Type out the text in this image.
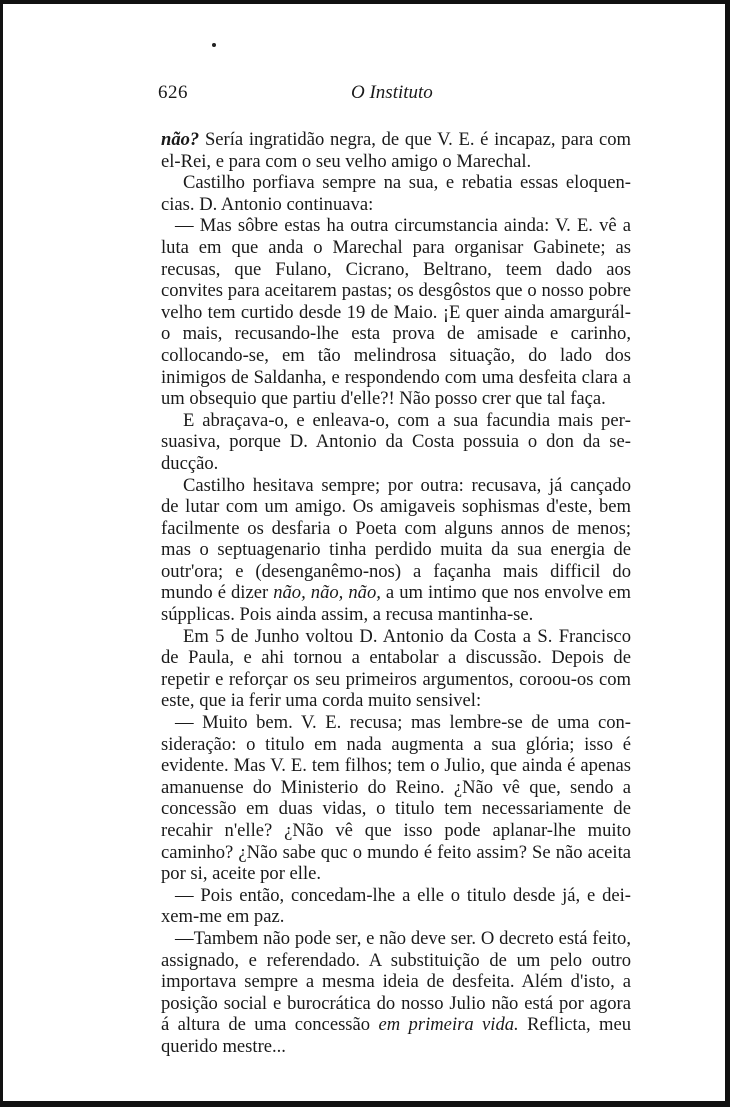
626	O Instituto

não? Sería ingratidão negra, de que V. E. é incapaz, para com el-Rei, e para com o seu velho amigo o Marechal.

Castilho porfiava sempre na sua, e rebatia essas eloquencias. D. Antonio continuava:

— Mas sôbre estas ha outra circumstancia ainda: V. E. vê a luta em que anda o Marechal para organisar Gabinete; as recusas, que Fulano, Cicrano, Beltrano, teem dado aos convites para aceitarem pastas; os desgôstos que o nosso pobre velho tem curtido desde 19 de Maio. ¡E quer ainda amargurál-o mais, recusando-lhe esta prova de amisade e carinho, collocando-se, em tão melindrosa situação, do lado dos inimigos de Saldanha, e respondendo com uma desfeita clara a um obsequio que partiu d'elle?! Não posso crer que tal faça.

E abraçava-o, e enleava-o, com a sua facundia mais persuasiva, porque D. Antonio da Costa possuia o don da seducção.

Castilho hesitava sempre; por outra: recusava, já cançado de lutar com um amigo. Os amigaveis sophismas d'este, bem facilmente os desfaria o Poeta com alguns annos de menos; mas o septuagenario tinha perdido muita da sua energia de outr'ora; e (desenganêmo-nos) a façanha mais difficil do mundo é dizer não, não, não, a um intimo que nos envolve em súpplicas. Pois ainda assim, a recusa mantinha-se.

Em 5 de Junho voltou D. Antonio da Costa a S. Francisco de Paula, e ahi tornou a entabolar a discussão. Depois de repetir e reforçar os seu primeiros argumentos, coroou-os com este, que ia ferir uma corda muito sensivel:

— Muito bem. V. E. recusa; mas lembre-se de uma consideração: o titulo em nada augmenta a sua glória; isso é evidente. Mas V. E. tem filhos; tem o Julio, que ainda é apenas amanuense do Ministerio do Reino. ¿Não vê que, sendo a concessão em duas vidas, o titulo tem necessariamente de recahir n'elle? ¿Não vê que isso pode aplanar-lhe muito caminho? ¿Não sabe quc o mundo é feito assim? Se não aceita por si, aceite por elle.

— Pois então, concedam-lhe a elle o titulo desde já, e deixem-me em paz.

—Tambem não pode ser, e não deve ser. O decreto está feito, assignado, e referendado. A substituição de um pelo outro importava sempre a mesma ideia de desfeita. Além d'isto, a posição social e burocrática do nosso Julio não está por agora á altura de uma concessão em primeira vida. Reflicta, meu querido mestre...
